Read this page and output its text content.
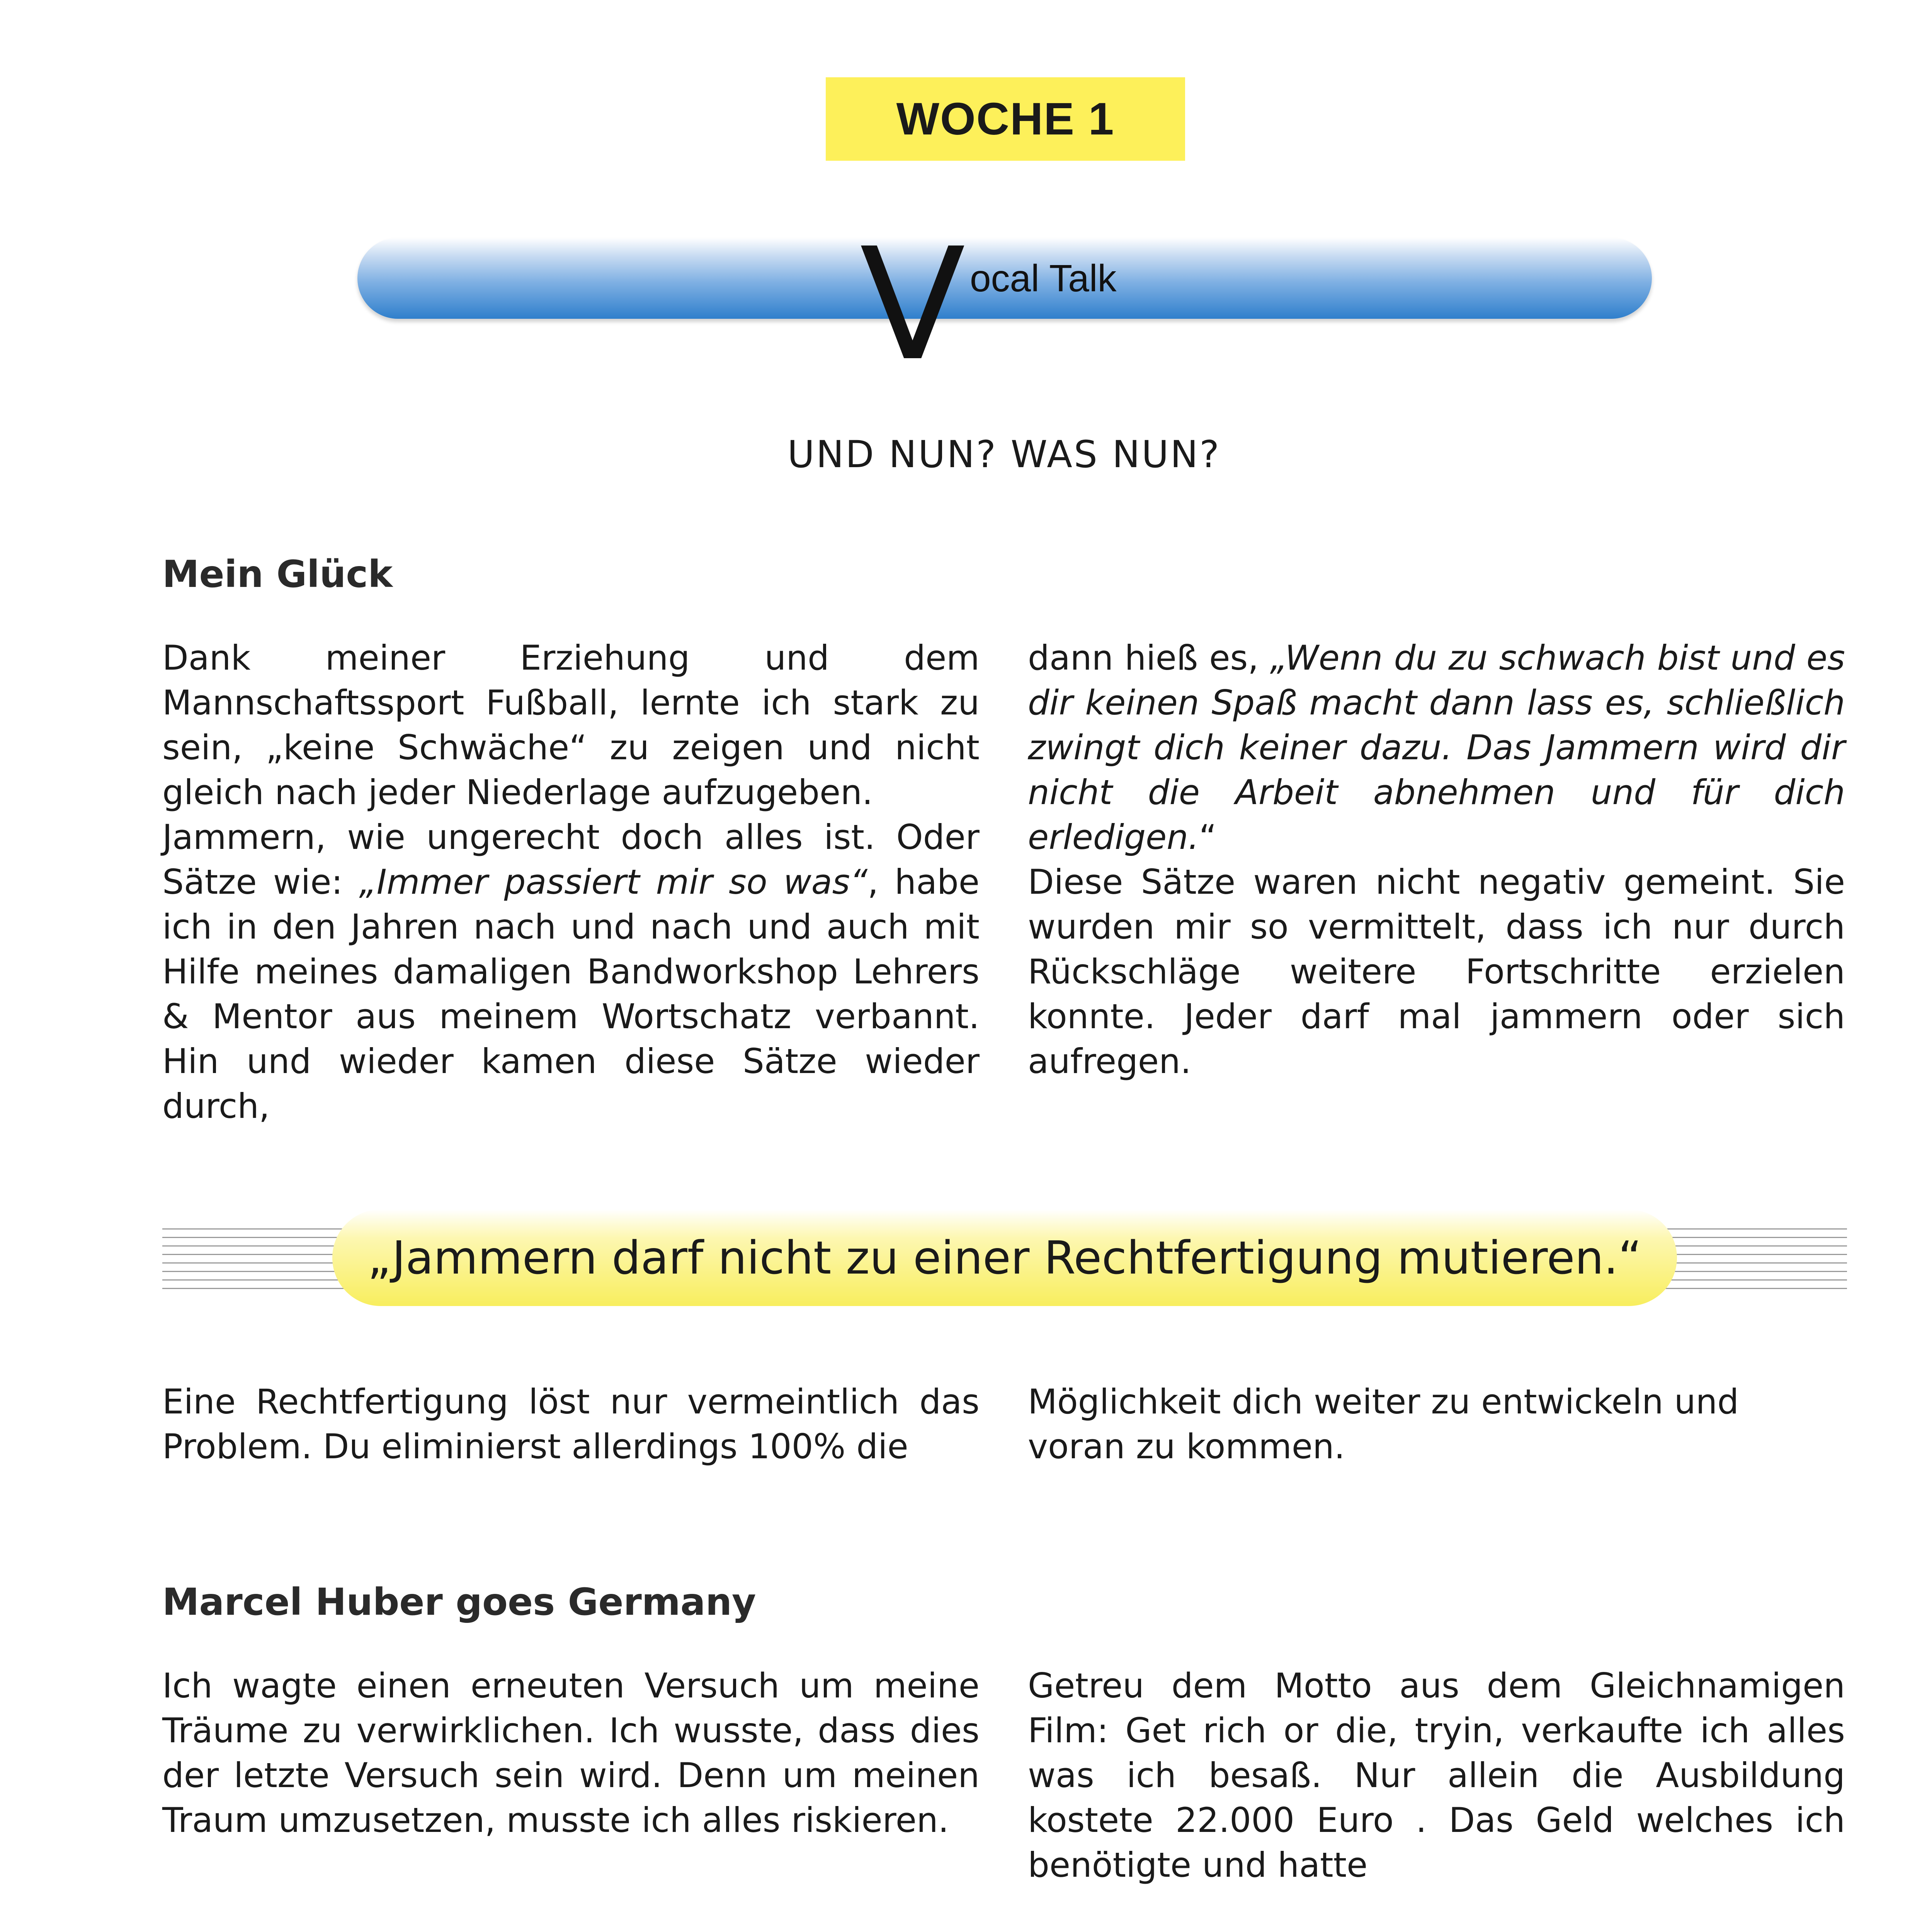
WOCHE 1
V ocal Talk
UND NUN? WAS NUN?
Mein Glück

Dank meiner Erziehung und dem Mannschaftssport Fußball, lernte ich stark zu sein, „keine Schwäche“ zu zeigen und nicht gleich nach jeder Niederlage aufzugeben.

Jammern, wie ungerecht doch alles ist. Oder Sätze wie: „Immer passiert mir so was“, habe ich in den Jahren nach und nach und auch mit Hilfe meines damaligen Bandworkshop Lehrers & Mentor aus meinem Wortschatz verbannt. Hin und wieder kamen diese Sätze wieder durch,

dann hieß es, „Wenn du zu schwach bist und es dir keinen Spaß macht dann lass es, schließlich zwingt dich keiner dazu. Das Jammern wird dir nicht die Arbeit abnehmen und für dich erledigen.“

Diese Sätze waren nicht negativ gemeint. Sie wurden mir so vermittelt, dass ich nur durch Rückschläge weitere Fortschritte erzielen konnte. Jeder darf mal jammern oder sich aufregen.

„Jammern darf nicht zu einer Rechtfertigung mutieren.“

Eine Rechtfertigung löst nur vermeintlich das Problem. Du eliminierst allerdings 100% die

Möglichkeit dich weiter zu entwickeln und voran zu kommen.

Marcel Huber goes Germany

Ich wagte einen erneuten Versuch um meine Träume zu verwirklichen. Ich wusste, dass dies der letzte Versuch sein wird. Denn um meinen Traum umzusetzen, musste ich alles riskieren.

Getreu dem Motto aus dem Gleichnamigen Film: Get rich or die, tryin, verkaufte ich alles was ich besaß. Nur allein die Ausbildung kostete 22.000 Euro . Das Geld welches ich benötigte und hatte
